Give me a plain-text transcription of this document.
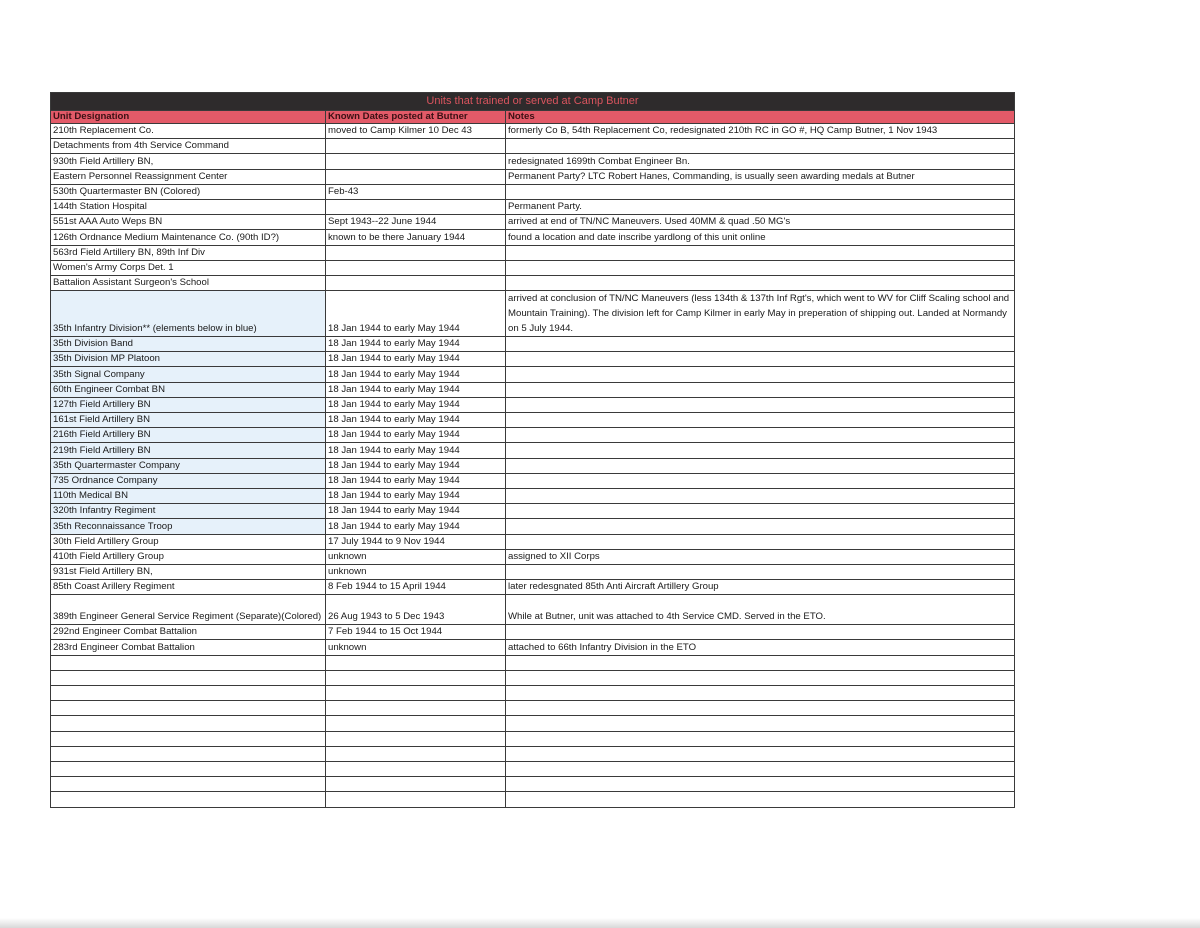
Units that trained or served at Camp Butner		
Unit Designation	Known Dates posted at Butner	Notes
210th Replacement Co.	moved to Camp Kilmer 10 Dec 43	formerly Co B, 54th Replacement Co, redesignated 210th RC in GO #, HQ Camp Butner, 1 Nov 1943
Detachments from 4th Service Command		
930th Field Artillery BN,		redesignated 1699th Combat Engineer Bn.
Eastern Personnel Reassignment Center		Permanent Party? LTC Robert Hanes, Commanding, is usually seen awarding medals at Butner
530th Quartermaster BN (Colored)	Feb-43	
144th Station Hospital		Permanent Party.
551st AAA Auto Weps BN	Sept 1943--22 June 1944	arrived at end of TN/NC Maneuvers. Used 40MM & quad .50 MG's
126th Ordnance Medium Maintenance Co. (90th ID?)	known to be there January 1944	found a location and date inscribe yardlong of this unit online
563rd Field Artillery BN, 89th Inf Div		
Women's Army Corps Det. 1		
Battalion Assistant Surgeon's School		
35th Infantry Division** (elements below in blue)	18 Jan 1944 to early May 1944	arrived at conclusion of TN/NC Maneuvers (less 134th & 137th Inf Rgt's, which went to WV for Cliff Scaling school and Mountain Training). The division left for Camp Kilmer in early May in preperation of shipping out. Landed at Normandy on 5 July 1944.
35th Division Band	18 Jan 1944 to early May 1944	
35th Division MP Platoon	18 Jan 1944 to early May 1944	
35th Signal Company	18 Jan 1944 to early May 1944	
60th Engineer Combat BN	18 Jan 1944 to early May 1944	
127th Field Artillery BN	18 Jan 1944 to early May 1944	
161st Field Artillery BN	18 Jan 1944 to early May 1944	
216th Field Artillery BN	18 Jan 1944 to early May 1944	
219th Field Artillery BN	18 Jan 1944 to early May 1944	
35th Quartermaster Company	18 Jan 1944 to early May 1944	
735 Ordnance Company	18 Jan 1944 to early May 1944	
110th Medical BN	18 Jan 1944 to early May 1944	
320th Infantry Regiment	18 Jan 1944 to early May 1944	
35th Reconnaissance Troop	18 Jan 1944 to early May 1944	
30th Field Artillery Group	17 July 1944 to 9 Nov 1944	
410th Field Artillery Group	unknown	assigned to XII Corps
931st Field Artillery BN,	unknown	
85th Coast Arillery Regiment	8 Feb 1944 to 15 April 1944	later redesgnated 85th Anti Aircraft Artillery Group
389th Engineer General Service Regiment (Separate)(Colored)	26 Aug 1943 to 5 Dec 1943	While at Butner, unit was attached to 4th Service CMD. Served in the ETO.
292nd Engineer Combat Battalion	7 Feb 1944 to 15 Oct 1944	
283rd Engineer Combat Battalion	unknown	attached to 66th Infantry Division in the ETO
